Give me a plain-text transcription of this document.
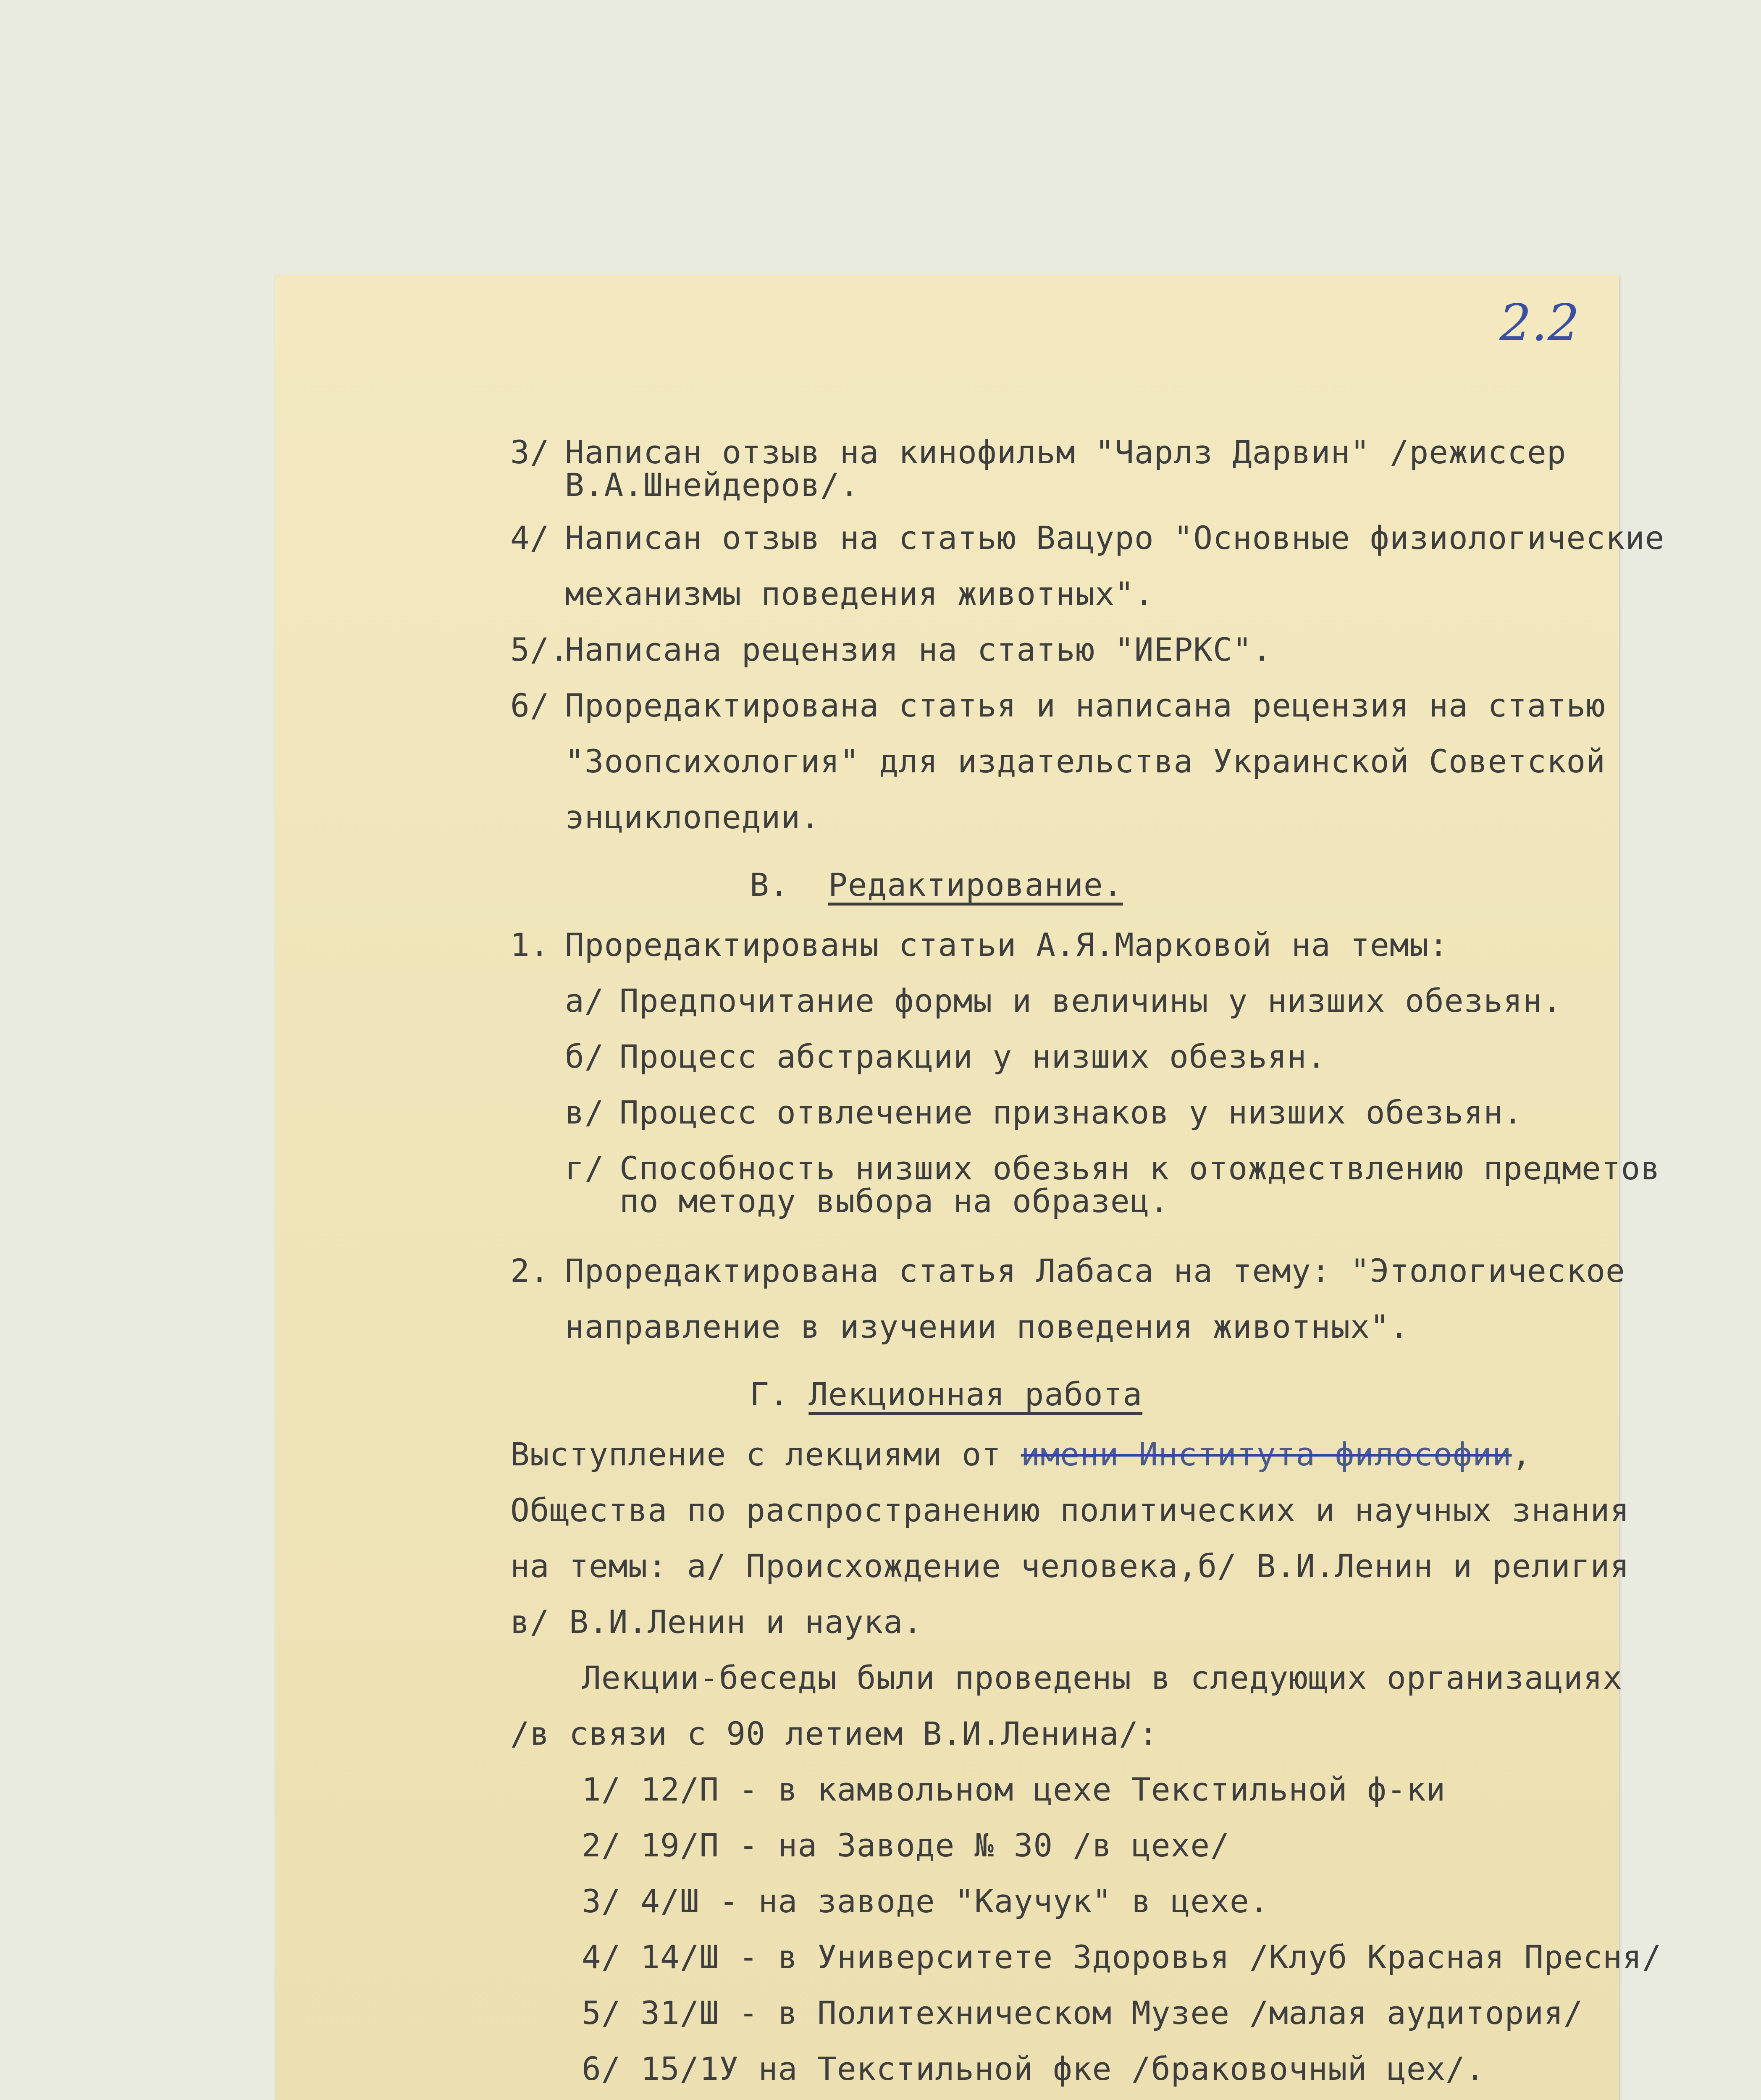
2.2
3/ Написан отзыв на кинофильм "Чарлз Дарвин" /режиссер
В.А.Шнейдеров/.
4/ Написан отзыв на статью Вацуро "Основные физиологические
механизмы поведения животных".
5/.
Написана рецензия на статью "ИЕРКС".
6/ Проредактирована статья и написана рецензия на статью
"Зоопсихология" для издательства Украинской Советской
энциклопедии.
В. Редактирование.
1. Проредактированы статьи А.Я.Марковой на темы:
а/ Предпочитание формы и величины у низших обезьян.
б/ Процесс абстракции у низших обезьян.
в/ Процесс отвлечение признаков у низших обезьян.
г/ Способность низших обезьян к отождествлению предметов
по методу выбора на образец.
2. Проредактирована статья Лабаса на тему: "Этологическое
направление в изучении поведения животных".
Г. Лекционная работа
Выступление с лекциями от
имени Института философии ,
Общества по распространению политических и научных знания
на темы: а/ Происхождение человека,б/ В.И.Ленин и религия
в/ В.И.Ленин и наука.
Лекции-беседы были проведены в следующих организациях
/в связи с 90 летием В.И.Ленина/:
1/ 12/П - в камвольном цехе Текстильной ф-ки
2/ 19/П - на Заводе № 30 /в цехе/
3/ 4/Ш - на заводе "Каучук" в цехе.
4/ 14/Ш - в Университете Здоровья /Клуб Красная Пресня/
5/ 31/Ш - в Политехническом Музее /малая аудитория/
6/ 15/1У на Текстильной фке /браковочный цех/.
